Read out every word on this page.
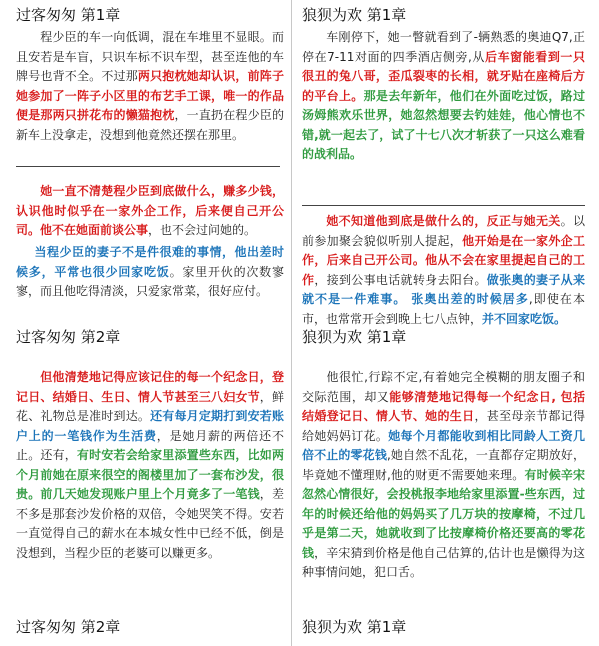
过客匆匆 第1章

程少臣的车一向低调，混在车堆里不显眼。而且安若是车盲，只识车标不识车型，甚至连他的车牌号也背不全。不过那两只抱枕她却认识，前阵子她参加了一阵子小区里的布艺手工课，唯一的作品便是那两只拼花布的懒猫抱枕，一直扔在程少臣的新车上没拿走，没想到他竟然还摆在那里。

她一直不清楚程少臣到底做什么，赚多少钱，认识他时似乎在一家外企工作，后来便自己开公司。他不在她面前谈公事，也不会过问她的。

当程少臣的妻子不是件很难的事情，他出差时候多，平常也很少回家吃饭。家里开伙的次数寥寥，而且他吃得清淡，只爱家常菜，很好应付。

过客匆匆 第2章

但他清楚地记得应该记住的每一个纪念日，登记日、结婚日、生日、情人节甚至三八妇女节，鲜花、礼物总是准时到达。还有每月定期打到安若账户上的一笔钱作为生活费，是她月薪的两倍还不止。还有，有时安若会给家里添置些东西，比如两个月前她在原来很空的阁楼里加了一套布沙发，很贵。前几天她发现账户里上个月竟多了一笔钱，差不多是那套沙发价格的双倍，令她哭笑不得。安若一直觉得自己的薪水在本城女性中已经不低，倒是没想到，当程少臣的老婆可以赚更多。

过客匆匆 第2章
狼狈为欢 第1章

车刚停下，她一瞥就看到了-辆熟悉的奥迪Q7,正停在7-11对面的四季酒店侧旁,从后车窗能看到一只很丑的兔八哥，歪瓜裂枣的长相，就牙贴在座椅后方的平台上。那是去年新年，他们在外面吃过饭，路过汤姆熊欢乐世界，她忽然想要去钓娃娃，他心情也不错,就一起去了，试了十七八次才斩获了一只这么难看的战利品。

她不知道他到底是做什么的，反正与她无关。以前参加聚会貌似听别人提起，他开始是在一家外企工作，后来自己开公司。他从不会在家里提起自己的工作，接到公事电话就转身去阳台。做张奥的妻子从来就不是一件难事。 张奥出差的时候居多,即使在本市，也常常开会到晚上七八点钟，并不回家吃饭。

狼狈为欢 第1章

他很忙,行踪不定,有着她完全模糊的朋友圈子和交际范围，却又能够清楚地记得每一个纪念日, 包括结婚登记日、情人节、她的生日，甚至母亲节都记得给她妈妈订花。她每个月都能收到相比同龄人工资几倍不止的零花钱,她自然不乱花，一直都存定期放好，毕竟她不懂理财,他的财更不需要她来理。有时候辛宋忽然心情很好，会投桃报李地给家里添置-些东西，过年的时候还给他的妈妈买了几万块的按摩椅，不过几乎是第二天，她就收到了比按摩椅价格还要高的零花钱，辛宋猜到价格是他自己估算的,估计也是懒得为这种事情问她，犯口舌。

狼狈为欢 第1章
